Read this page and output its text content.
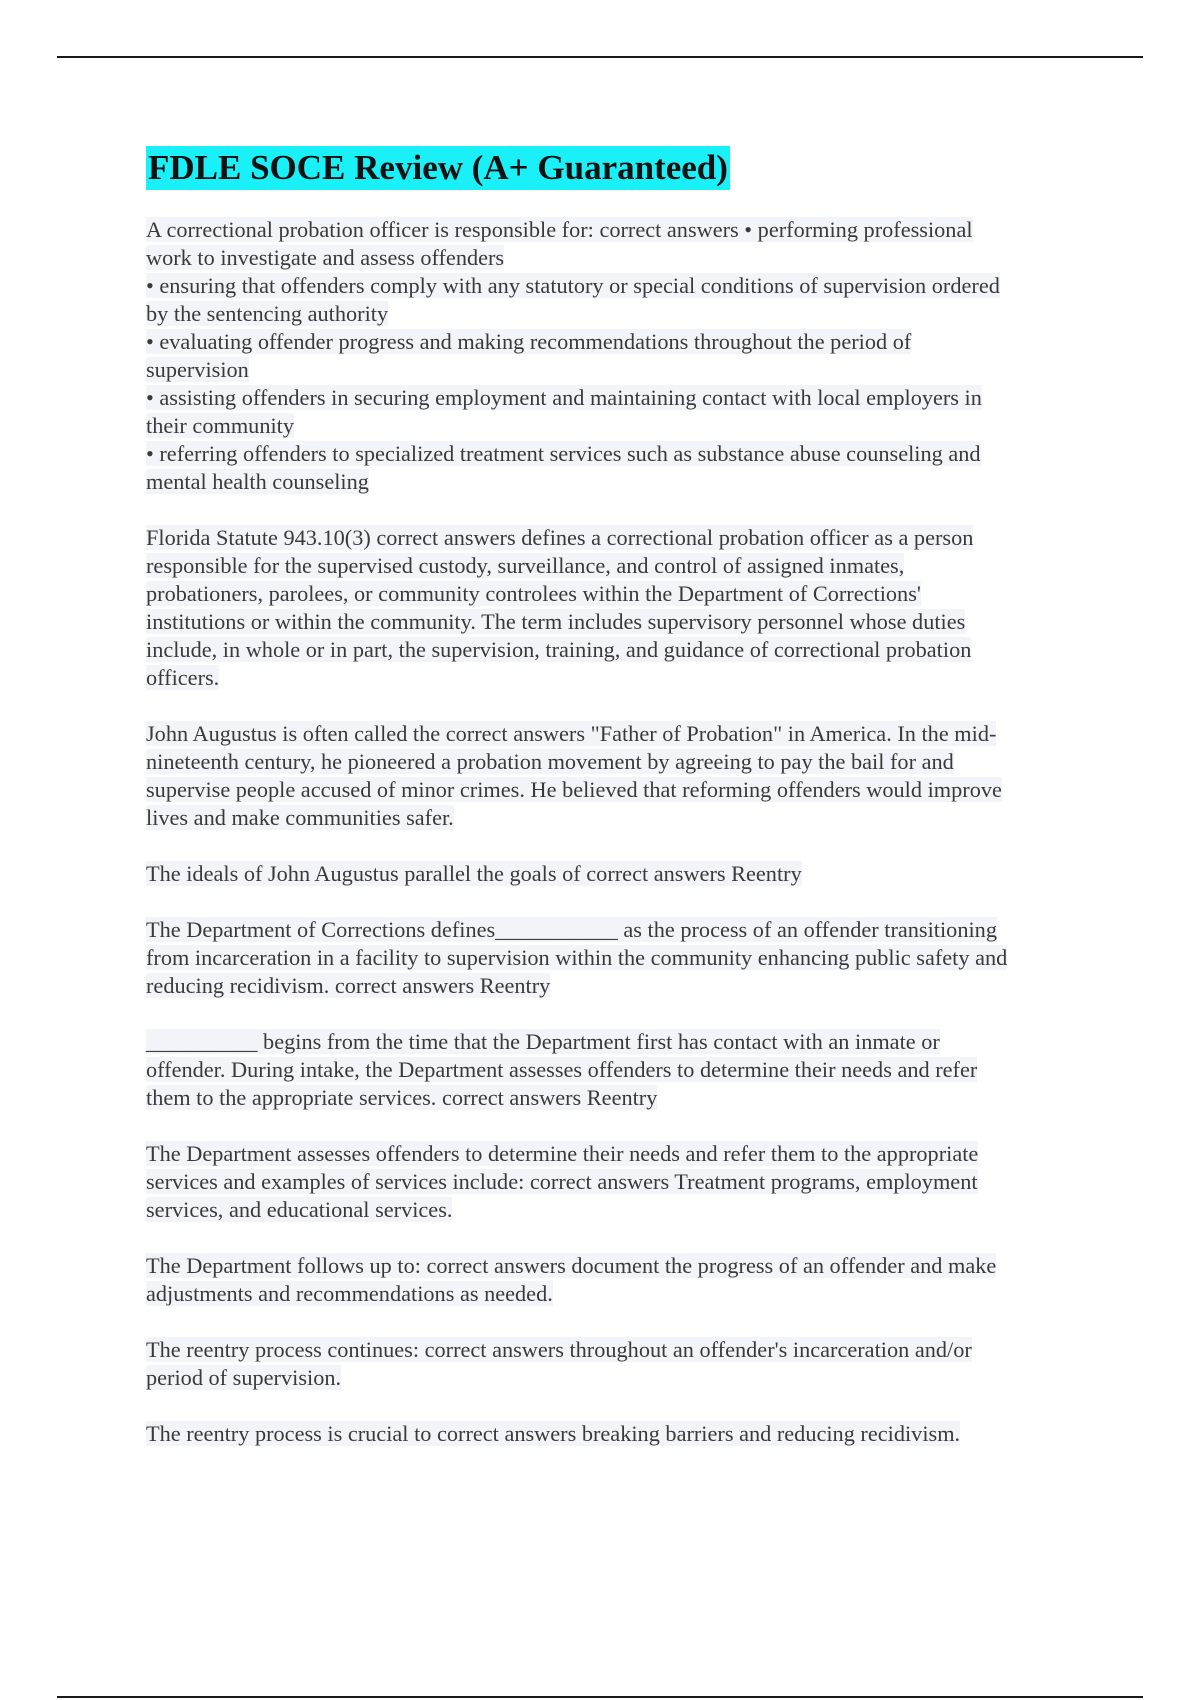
FDLE SOCE Review (A+ Guaranteed)
A correctional probation officer is responsible for: correct answers • performing professional
work to investigate and assess offenders
• ensuring that offenders comply with any statutory or special conditions of supervision ordered
by the sentencing authority
• evaluating offender progress and making recommendations throughout the period of
supervision
• assisting offenders in securing employment and maintaining contact with local employers in
their community
• referring offenders to specialized treatment services such as substance abuse counseling and
mental health counseling
Florida Statute 943.10(3) correct answers defines a correctional probation officer as a person
responsible for the supervised custody, surveillance, and control of assigned inmates,
probationers, parolees, or community controlees within the Department of Corrections'
institutions or within the community. The term includes supervisory personnel whose duties
include, in whole or in part, the supervision, training, and guidance of correctional probation
officers.
John Augustus is often called the correct answers "Father of Probation" in America. In the mid-
nineteenth century, he pioneered a probation movement by agreeing to pay the bail for and
supervise people accused of minor crimes. He believed that reforming offenders would improve
lives and make communities safer.
The ideals of John Augustus parallel the goals of correct answers Reentry
The Department of Corrections defines___________ as the process of an offender transitioning
from incarceration in a facility to supervision within the community enhancing public safety and
reducing recidivism. correct answers Reentry
__________ begins from the time that the Department first has contact with an inmate or
offender. During intake, the Department assesses offenders to determine their needs and refer
them to the appropriate services. correct answers Reentry
The Department assesses offenders to determine their needs and refer them to the appropriate
services and examples of services include: correct answers Treatment programs, employment
services, and educational services.
The Department follows up to: correct answers document the progress of an offender and make
adjustments and recommendations as needed.
The reentry process continues: correct answers throughout an offender's incarceration and/or
period of supervision.
The reentry process is crucial to correct answers breaking barriers and reducing recidivism.
